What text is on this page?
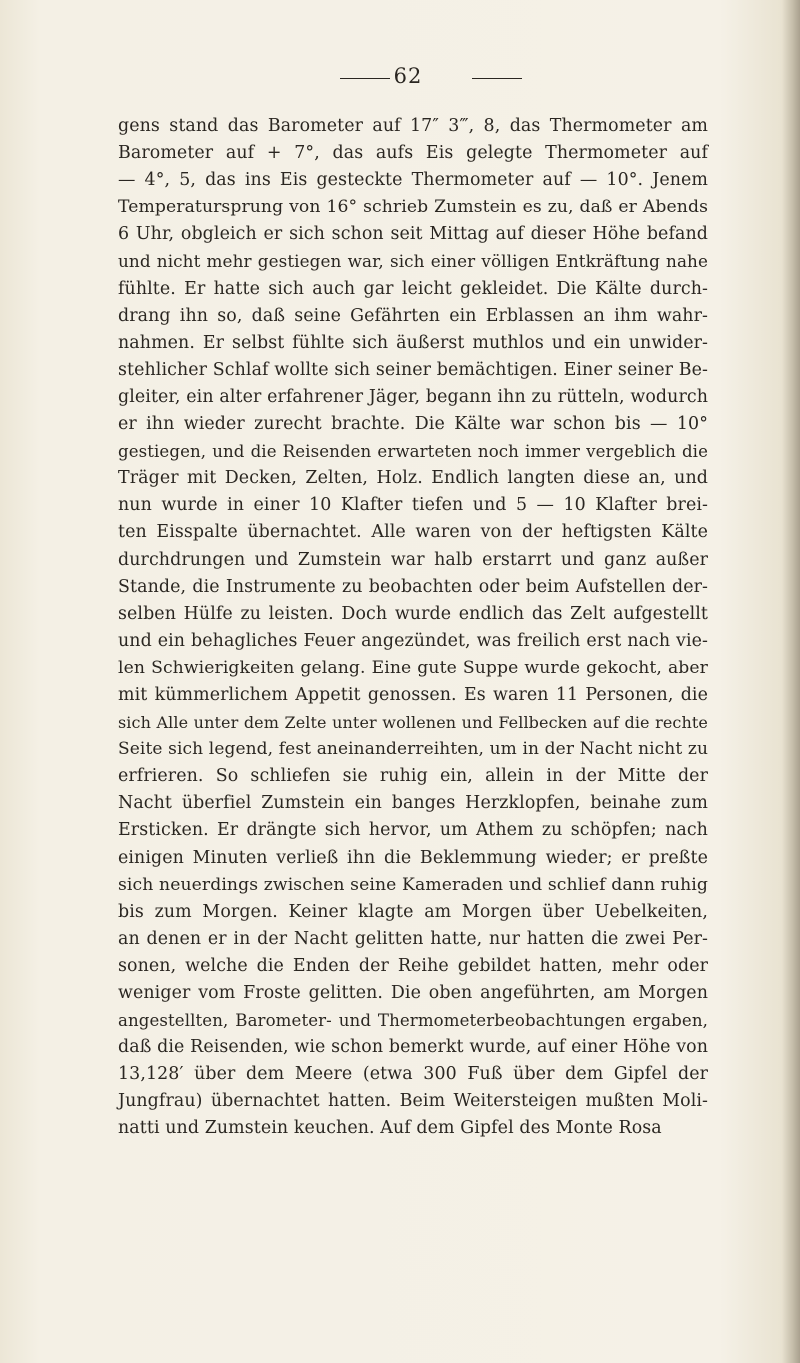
62
gens stand das Barometer auf 17″ 3‴, 8, das Thermometer am
Barometer auf + 7°, das aufs Eis gelegte Thermometer auf
— 4°, 5, das ins Eis gesteckte Thermometer auf — 10°. Jenem
Temperatursprung von 16° schrieb Zumstein es zu, daß er Abends
6 Uhr, obgleich er sich schon seit Mittag auf dieser Höhe befand
und nicht mehr gestiegen war, sich einer völligen Entkräftung nahe
fühlte. Er hatte sich auch gar leicht gekleidet. Die Kälte durch-
drang ihn so, daß seine Gefährten ein Erblassen an ihm wahr-
nahmen. Er selbst fühlte sich äußerst muthlos und ein unwider-
stehlicher Schlaf wollte sich seiner bemächtigen. Einer seiner Be-
gleiter, ein alter erfahrener Jäger, begann ihn zu rütteln, wodurch
er ihn wieder zurecht brachte. Die Kälte war schon bis — 10°
gestiegen, und die Reisenden erwarteten noch immer vergeblich die
Träger mit Decken, Zelten, Holz. Endlich langten diese an, und
nun wurde in einer 10 Klafter tiefen und 5 — 10 Klafter brei-
ten Eisspalte übernachtet. Alle waren von der heftigsten Kälte
durchdrungen und Zumstein war halb erstarrt und ganz außer
Stande, die Instrumente zu beobachten oder beim Aufstellen der-
selben Hülfe zu leisten. Doch wurde endlich das Zelt aufgestellt
und ein behagliches Feuer angezündet, was freilich erst nach vie-
len Schwierigkeiten gelang. Eine gute Suppe wurde gekocht, aber
mit kümmerlichem Appetit genossen. Es waren 11 Personen, die
sich Alle unter dem Zelte unter wollenen und Fellbecken auf die rechte
Seite sich legend, fest aneinanderreihten, um in der Nacht nicht zu
erfrieren. So schliefen sie ruhig ein, allein in der Mitte der
Nacht überfiel Zumstein ein banges Herzklopfen, beinahe zum
Ersticken. Er drängte sich hervor, um Athem zu schöpfen; nach
einigen Minuten verließ ihn die Beklemmung wieder; er preßte
sich neuerdings zwischen seine Kameraden und schlief dann ruhig
bis zum Morgen. Keiner klagte am Morgen über Uebelkeiten,
an denen er in der Nacht gelitten hatte, nur hatten die zwei Per-
sonen, welche die Enden der Reihe gebildet hatten, mehr oder
weniger vom Froste gelitten. Die oben angeführten, am Morgen
angestellten, Barometer- und Thermometerbeobachtungen ergaben,
daß die Reisenden, wie schon bemerkt wurde, auf einer Höhe von
13,128′ über dem Meere (etwa 300 Fuß über dem Gipfel der
Jungfrau) übernachtet hatten. Beim Weitersteigen mußten Moli-
natti und Zumstein keuchen. Auf dem Gipfel des Monte Rosa
